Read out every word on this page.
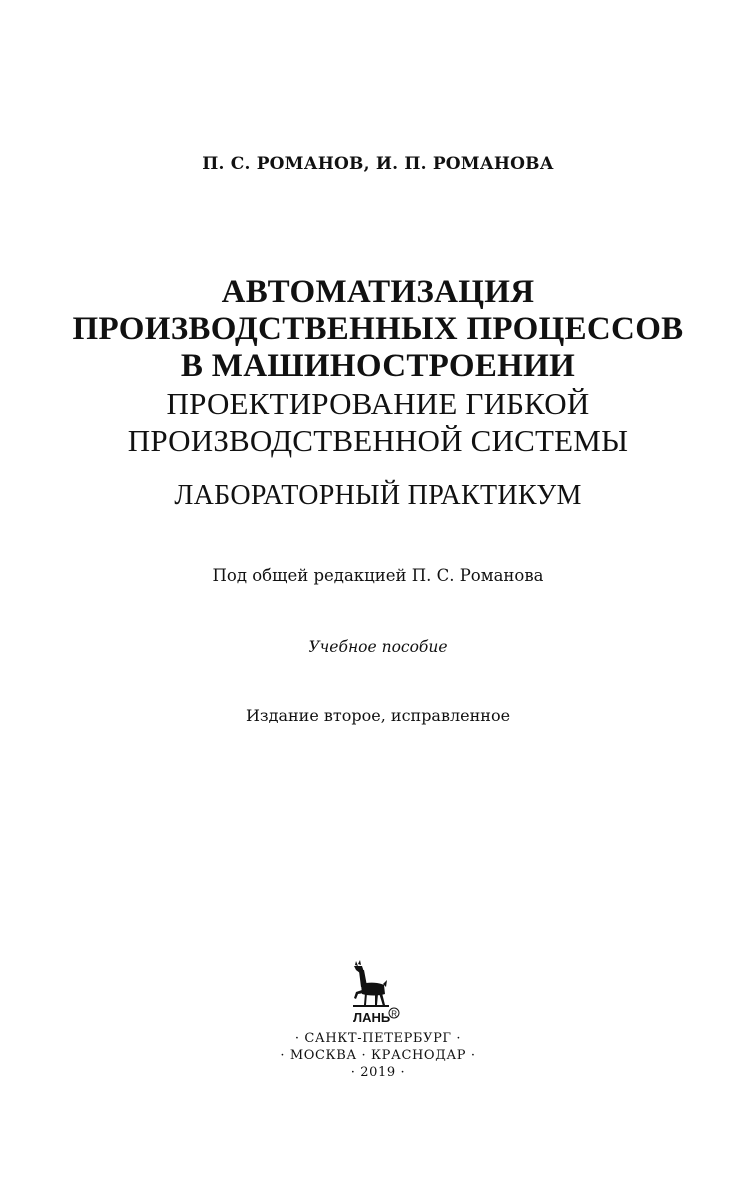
П. С. РОМАНОВ, И. П. РОМАНОВА
АВТОМАТИЗАЦИЯ
ПРОИЗВОДСТВЕННЫХ ПРОЦЕССОВ
В МАШИНОСТРОЕНИИ
ПРОЕКТИРОВАНИЕ ГИБКОЙ
ПРОИЗВОДСТВЕННОЙ СИСТЕМЫ
ЛАБОРАТОРНЫЙ ПРАКТИКУМ
Под общей редакцией П. С. Романова
Учебное пособие
Издание второе, исправленное
ЛАНЬ R
· САНКТ-ПЕТЕРБУРГ ·
· МОСКВА · КРАСНОДАР ·
· 2019 ·
